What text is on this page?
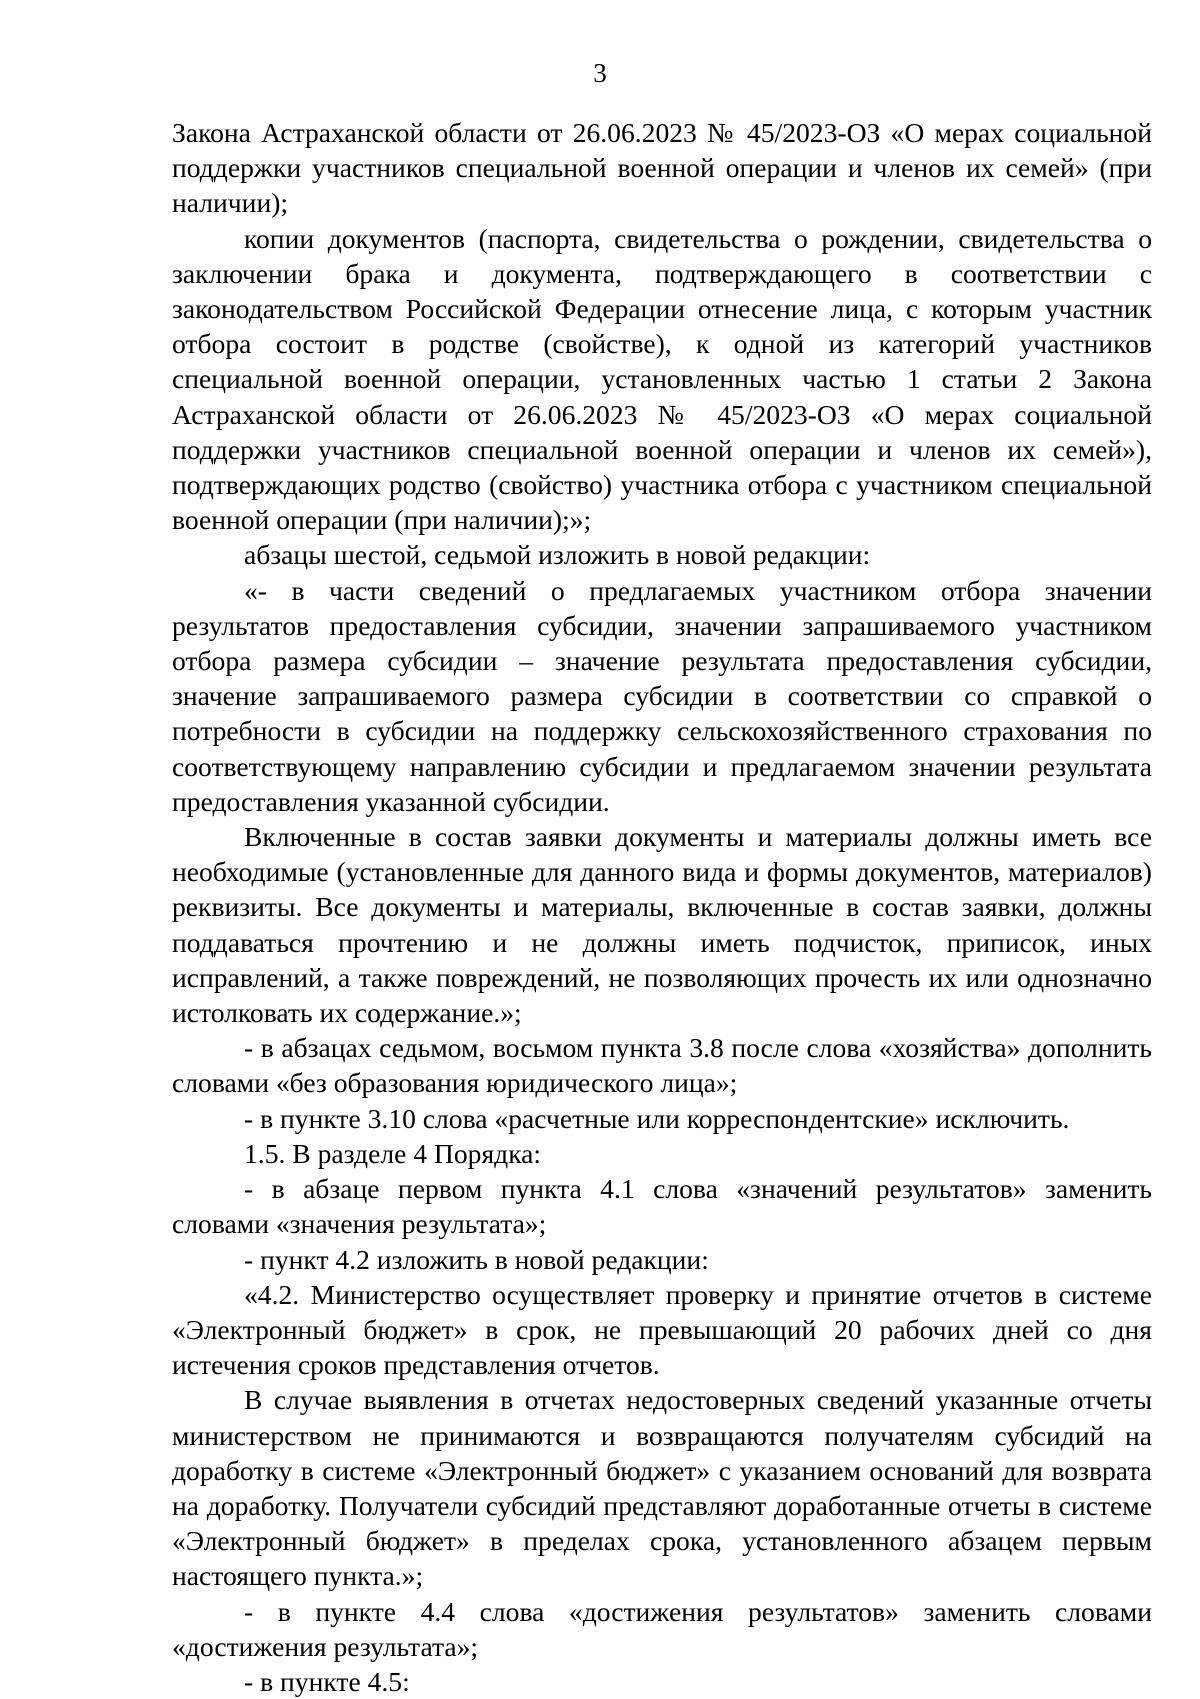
3

Закона Астраханской области от 26.06.2023 № 45/2023-ОЗ «О мерах социальной поддержки участников специальной военной операции и членов их семей» (при наличии);

копии документов (паспорта, свидетельства о рождении, свидетельства о заключении брака и документа, подтверждающего в соответствии с законодательством Российской Федерации отнесение лица, с которым участник отбора состоит в родстве (свойстве), к одной из категорий участников специальной военной операции, установленных частью 1 статьи 2 Закона Астраханской области от 26.06.2023 № 45/2023-ОЗ «О мерах социальной поддержки участников специальной военной операции и членов их семей»), подтверждающих родство (свойство) участника отбора с участником специальной военной операции (при наличии);»;

абзацы шестой, седьмой изложить в новой редакции:

«- в части сведений о предлагаемых участником отбора значении результатов предоставления субсидии, значении запрашиваемого участником отбора размера субсидии – значение результата предоставления субсидии, значение запрашиваемого размера субсидии в соответствии со справкой о потребности в субсидии на поддержку сельскохозяйственного страхования по соответствующему направлению субсидии и предлагаемом значении результата предоставления указанной субсидии.

Включенные в состав заявки документы и материалы должны иметь все необходимые (установленные для данного вида и формы документов, материалов) реквизиты. Все документы и материалы, включенные в состав заявки, должны поддаваться прочтению и не должны иметь подчисток, приписок, иных исправлений, а также повреждений, не позволяющих прочесть их или однозначно истолковать их содержание.»;

- в абзацах седьмом, восьмом пункта 3.8 после слова «хозяйства» дополнить словами «без образования юридического лица»;

- в пункте 3.10 слова «расчетные или корреспондентские» исключить.

1.5. В разделе 4 Порядка:

- в абзаце первом пункта 4.1 слова «значений результатов» заменить словами «значения результата»;

- пункт 4.2 изложить в новой редакции:

«4.2. Министерство осуществляет проверку и принятие отчетов в системе «Электронный бюджет» в срок, не превышающий 20 рабочих дней со дня истечения сроков представления отчетов.

В случае выявления в отчетах недостоверных сведений указанные отчеты министерством не принимаются и возвращаются получателям субсидий на доработку в системе «Электронный бюджет» с указанием оснований для возврата на доработку. Получатели субсидий представляют доработанные отчеты в системе «Электронный бюджет» в пределах срока, установленного абзацем первым настоящего пункта.»;

- в пункте 4.4 слова «достижения результатов» заменить словами «достижения результата»;

- в пункте 4.5:
